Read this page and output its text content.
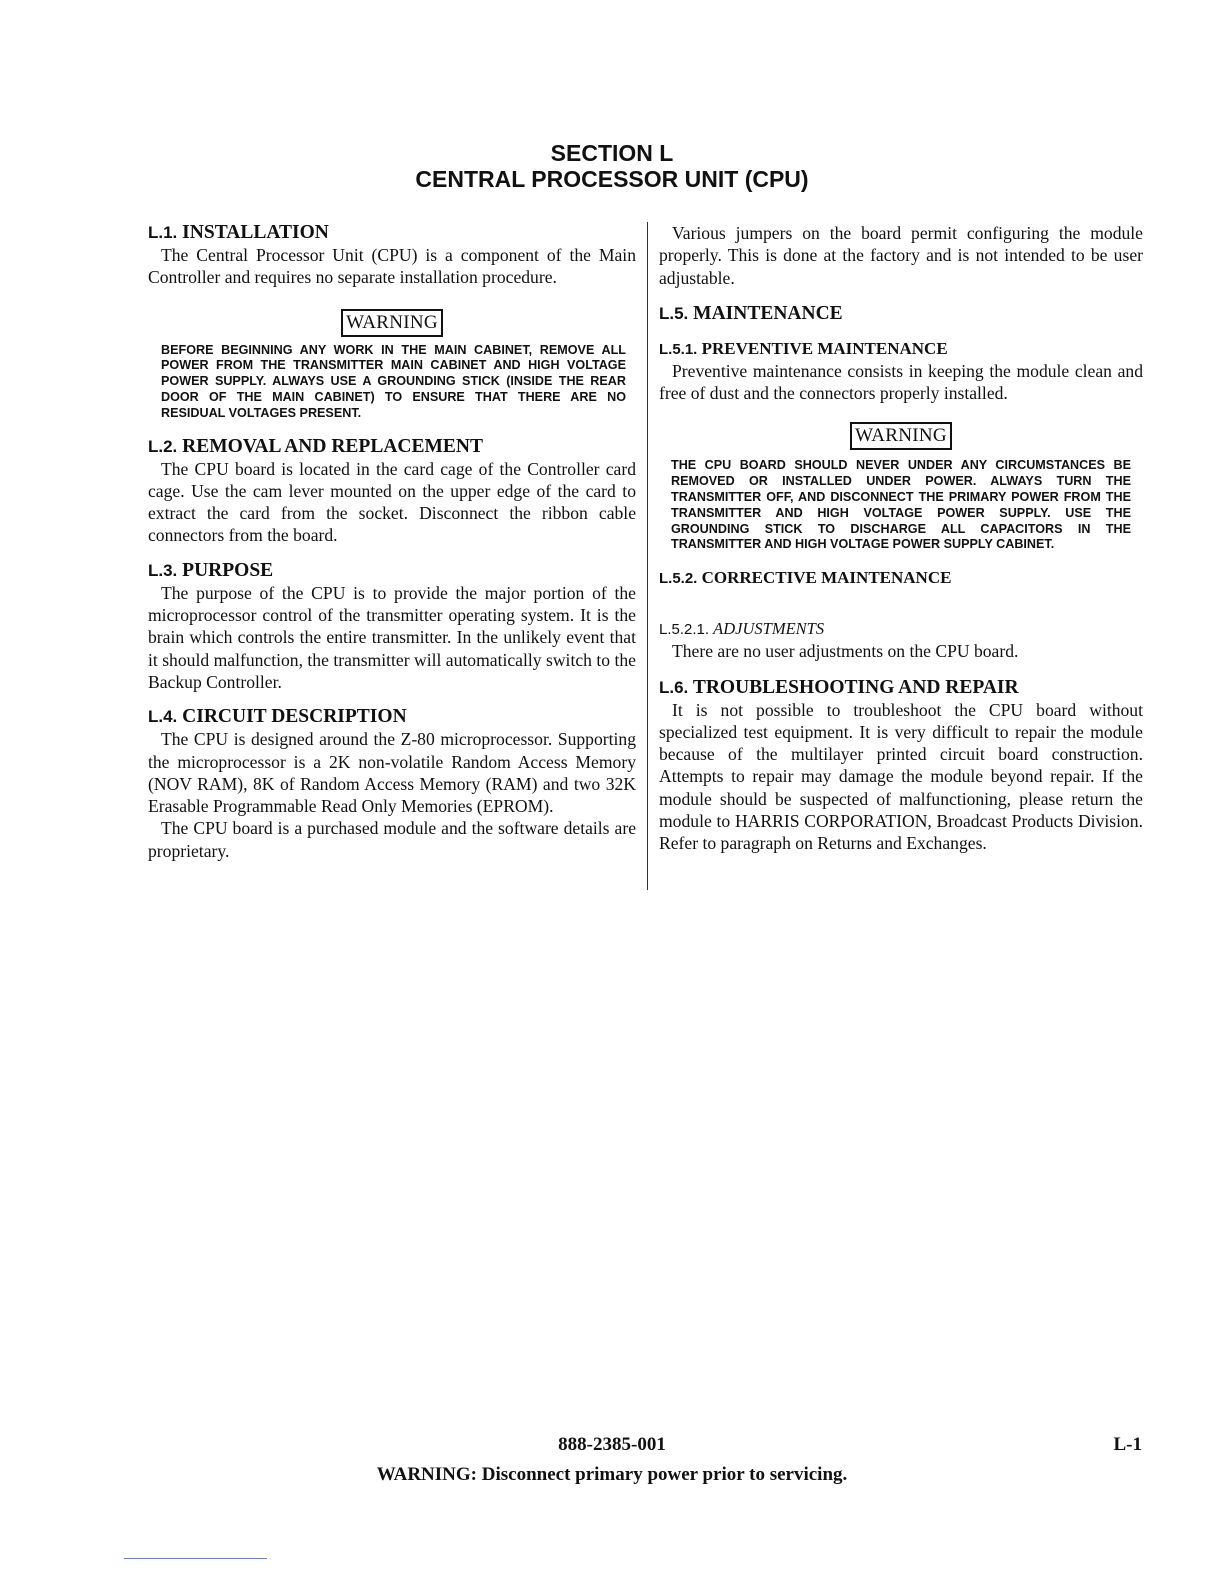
SECTION L
CENTRAL PROCESSOR UNIT (CPU)
L.1. INSTALLATION

The Central Processor Unit (CPU) is a component of the Main Controller and requires no separate installation procedure.

WARNING

BEFORE BEGINNING ANY WORK IN THE MAIN CABINET, REMOVE ALL POWER FROM THE TRANSMITTER MAIN CABINET AND HIGH VOLTAGE POWER SUPPLY. ALWAYS USE A GROUNDING STICK (INSIDE THE REAR DOOR OF THE MAIN CABINET) TO ENSURE THAT THERE ARE NO RESIDUAL VOLTAGES PRESENT.

L.2. REMOVAL AND REPLACEMENT

The CPU board is located in the card cage of the Controller card cage. Use the cam lever mounted on the upper edge of the card to extract the card from the socket. Disconnect the ribbon cable connectors from the board.

L.3. PURPOSE

The purpose of the CPU is to provide the major portion of the microprocessor control of the transmitter operating system. It is the brain which controls the entire transmitter. In the unlikely event that it should malfunction, the transmitter will automatically switch to the Backup Controller.

L.4. CIRCUIT DESCRIPTION

The CPU is designed around the Z-80 microprocessor. Supporting the microprocessor is a 2K non-volatile Random Access Memory (NOV RAM), 8K of Random Access Memory (RAM) and two 32K Erasable Programmable Read Only Memories (EPROM).

The CPU board is a purchased module and the software details are proprietary.

Various jumpers on the board permit configuring the module properly. This is done at the factory and is not intended to be user adjustable.

L.5. MAINTENANCE
L.5.1. PREVENTIVE MAINTENANCE

Preventive maintenance consists in keeping the module clean and free of dust and the connectors properly installed.

WARNING

THE CPU BOARD SHOULD NEVER UNDER ANY CIRCUMSTANCES BE REMOVED OR INSTALLED UNDER POWER. ALWAYS TURN THE TRANSMITTER OFF, AND DISCONNECT THE PRIMARY POWER FROM THE TRANSMITTER AND HIGH VOLTAGE POWER SUPPLY. USE THE GROUNDING STICK TO DISCHARGE ALL CAPACITORS IN THE TRANSMITTER AND HIGH VOLTAGE POWER SUPPLY CABINET.

L.5.2. CORRECTIVE MAINTENANCE
L.5.2.1. ADJUSTMENTS

There are no user adjustments on the CPU board.

L.6. TROUBLESHOOTING AND REPAIR

It is not possible to troubleshoot the CPU board without specialized test equipment. It is very difficult to repair the module because of the multilayer printed circuit board construction. Attempts to repair may damage the module beyond repair. If the module should be suspected of malfunctioning, please return the module to HARRIS CORPORATION, Broadcast Products Division. Refer to paragraph on Returns and Exchanges.

888-2385-001	L-1
WARNING: Disconnect primary power prior to servicing.
